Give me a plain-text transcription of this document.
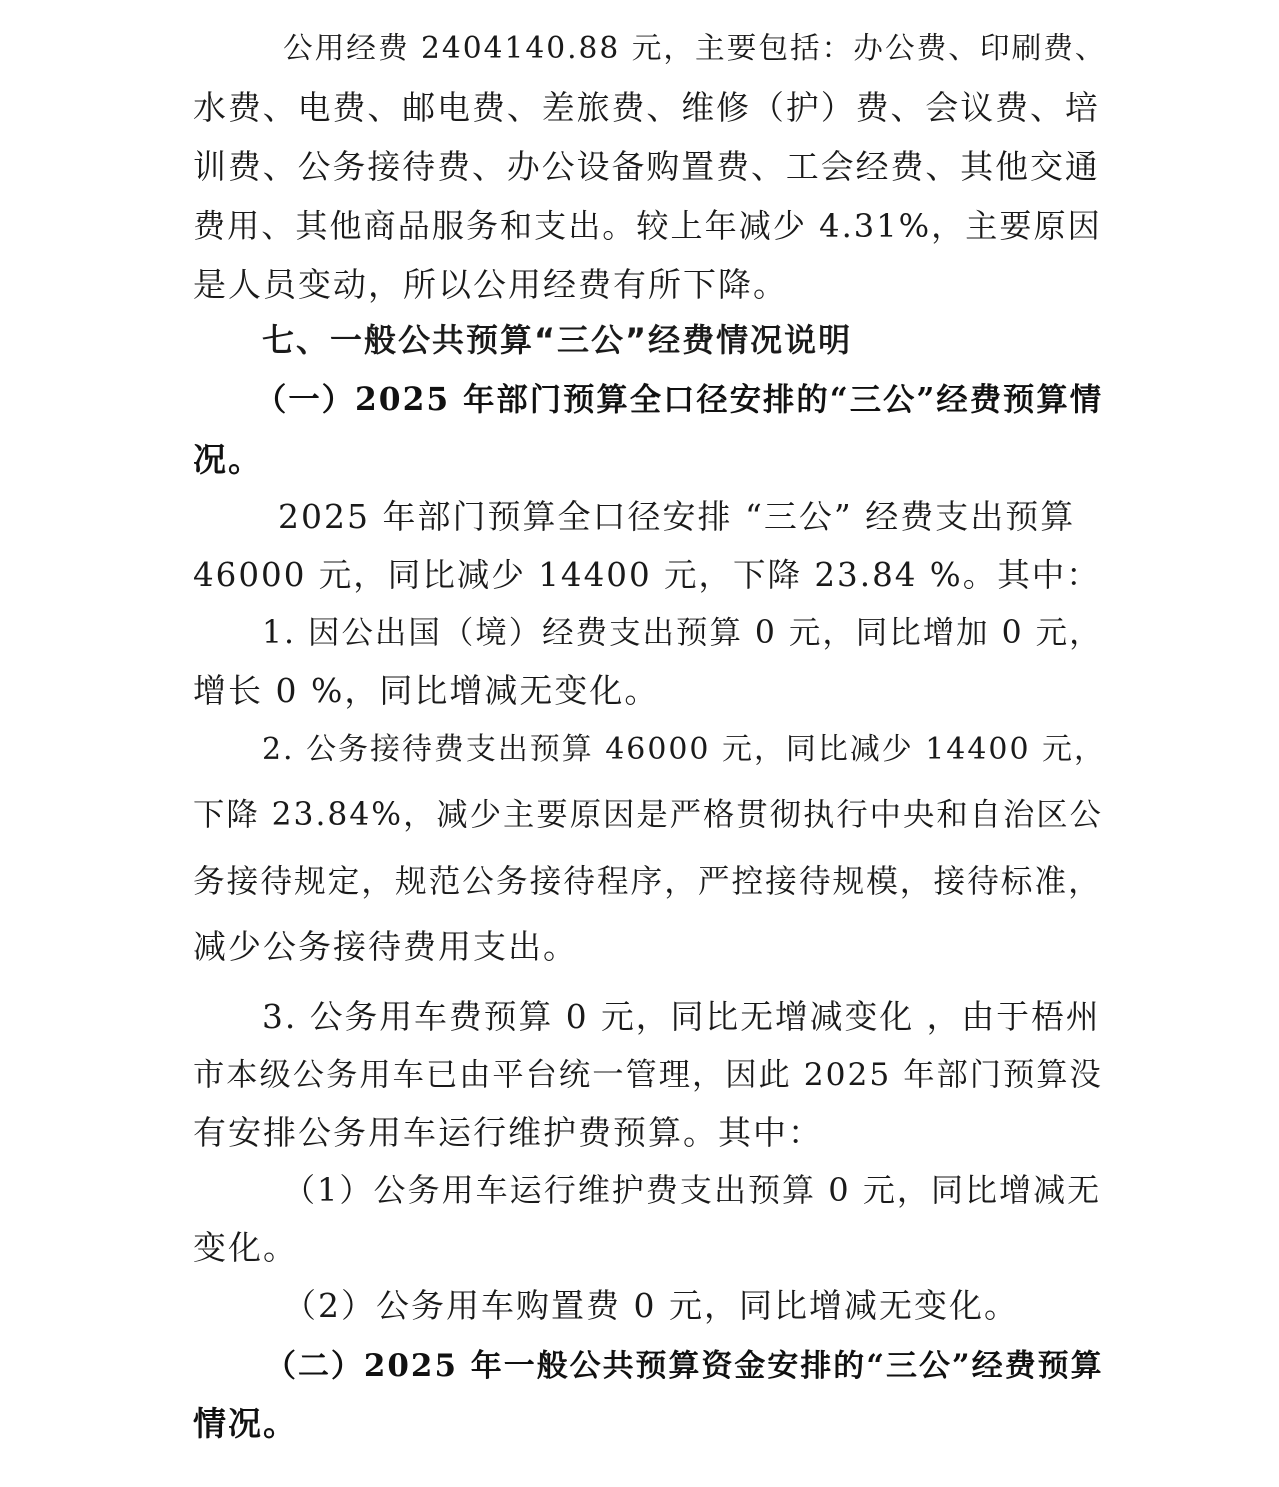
公用经费 2404140.88 元，主要包括：办公费、印刷费、
水费、电费、邮电费、差旅费、维修（护）费、会议费、培
训费、公务接待费、办公设备购置费、工会经费、其他交通
费用、其他商品服务和支出。较上年减少 4.31%，主要原因
是人员变动，所以公用经费有所下降。
七、一般公共预算“三公”经费情况说明
（一）2025 年部门预算全口径安排的“三公”经费预算情
况。
2025 年部门预算全口径安排 “三公” 经费支出预算
46000 元，同比减少 14400 元，下降 23.84 %。其中：
1. 因公出国（境）经费支出预算 0 元，同比增加 0 元，
增长 0 %，同比增减无变化。
2. 公务接待费支出预算 46000 元，同比减少 14400 元，
下降 23.84%，减少主要原因是严格贯彻执行中央和自治区公
务接待规定，规范公务接待程序，严控接待规模，接待标准，
减少公务接待费用支出。
3. 公务用车费预算 0 元，同比无增减变化 ，由于梧州
市本级公务用车已由平台统一管理，因此 2025 年部门预算没
有安排公务用车运行维护费预算。其中：
（1）公务用车运行维护费支出预算 0 元，同比增减无
变化。
（2）公务用车购置费 0 元，同比增减无变化。
（二）2025 年一般公共预算资金安排的“三公”经费预算
情况。
